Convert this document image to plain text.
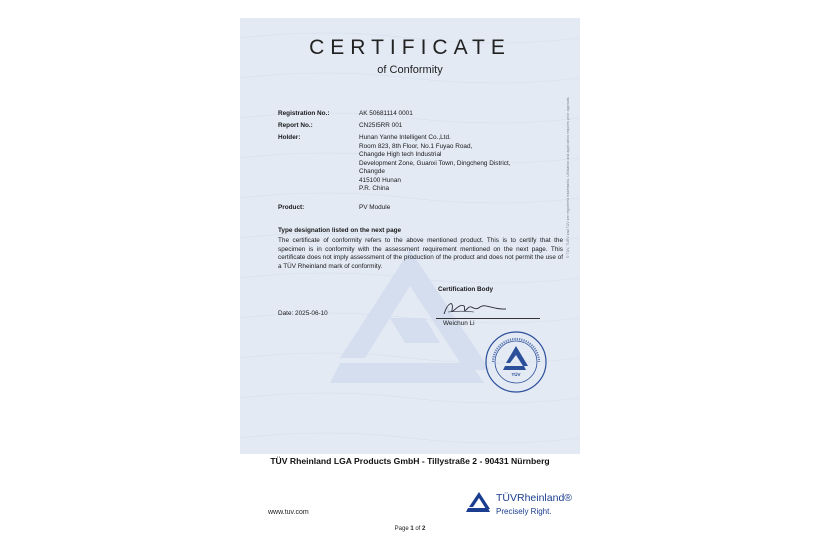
CERTIFICATE
of Conformity
Registration No.:	AK 50681114 0001
Report No.:	CN25I5RR 001
Holder:	Hunan Yanhe Intelligent Co.,Ltd.
Room 823, 8th Floor, No.1 Fuyao Road,
Changde High tech Industrial
Development Zone, Guanxi Town, Dingcheng District,
Changde
415100 Hunan
P.R. China
Product:	PV Module
Type designation listed on the next page
The certificate of conformity refers to the above mentioned product. This is to certify that the specimen is in conformity with the assessment requirement mentioned on the next page. This certificate does not imply assessment of the production of the product and does not permit the use of a TÜV Rheinland mark of conformity.
Certification Body
Weichun Li
Date: 2025-06-10
TÜV
© TÜV, TUEV and TUV are registered trademarks. Utilisation and application requires prior approval.
TÜV Rheinland LGA Products GmbH - Tillystraße 2 - 90431 Nürnberg
www.tuv.com
TÜVRheinland®
Precisely Right.
Page 1 of 2
